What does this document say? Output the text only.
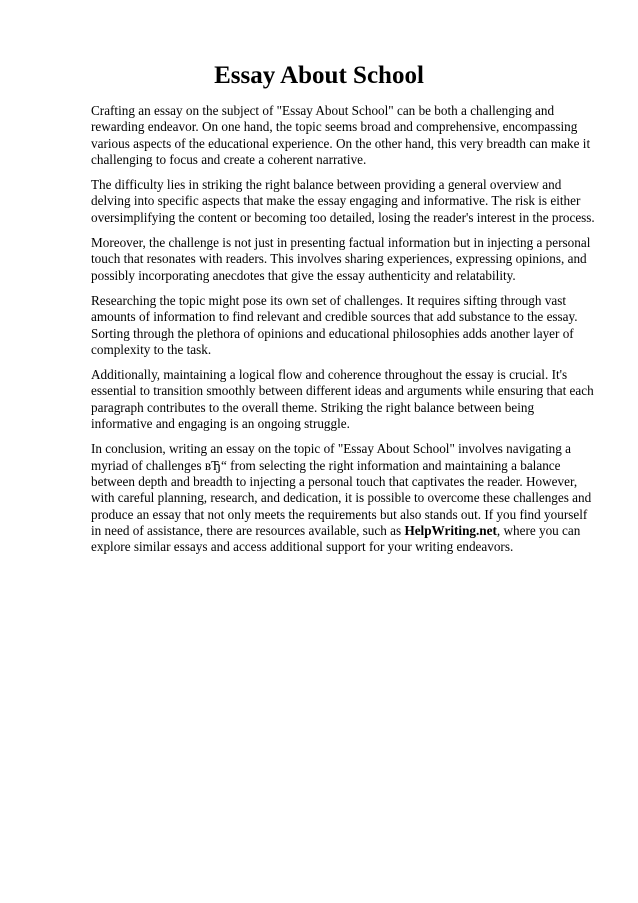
Essay About School

Crafting an essay on the subject of "Essay About School" can be both a challenging and rewarding endeavor. On one hand, the topic seems broad and comprehensive, encompassing various aspects of the educational experience. On the other hand, this very breadth can make it challenging to focus and create a coherent narrative.

The difficulty lies in striking the right balance between providing a general overview and delving into specific aspects that make the essay engaging and informative. The risk is either oversimplifying the content or becoming too detailed, losing the reader's interest in the process.

Moreover, the challenge is not just in presenting factual information but in injecting a personal touch that resonates with readers. This involves sharing experiences, expressing opinions, and possibly incorporating anecdotes that give the essay authenticity and relatability.

Researching the topic might pose its own set of challenges. It requires sifting through vast amounts of information to find relevant and credible sources that add substance to the essay. Sorting through the plethora of opinions and educational philosophies adds another layer of complexity to the task.

Additionally, maintaining a logical flow and coherence throughout the essay is crucial. It's essential to transition smoothly between different ideas and arguments while ensuring that each paragraph contributes to the overall theme. Striking the right balance between being informative and engaging is an ongoing struggle.

In conclusion, writing an essay on the topic of "Essay About School" involves navigating a myriad of challenges вЂ“ from selecting the right information and maintaining a balance between depth and breadth to injecting a personal touch that captivates the reader. However, with careful planning, research, and dedication, it is possible to overcome these challenges and produce an essay that not only meets the requirements but also stands out. If you find yourself in need of assistance, there are resources available, such as HelpWriting.net, where you can explore similar essays and access additional support for your writing endeavors.
